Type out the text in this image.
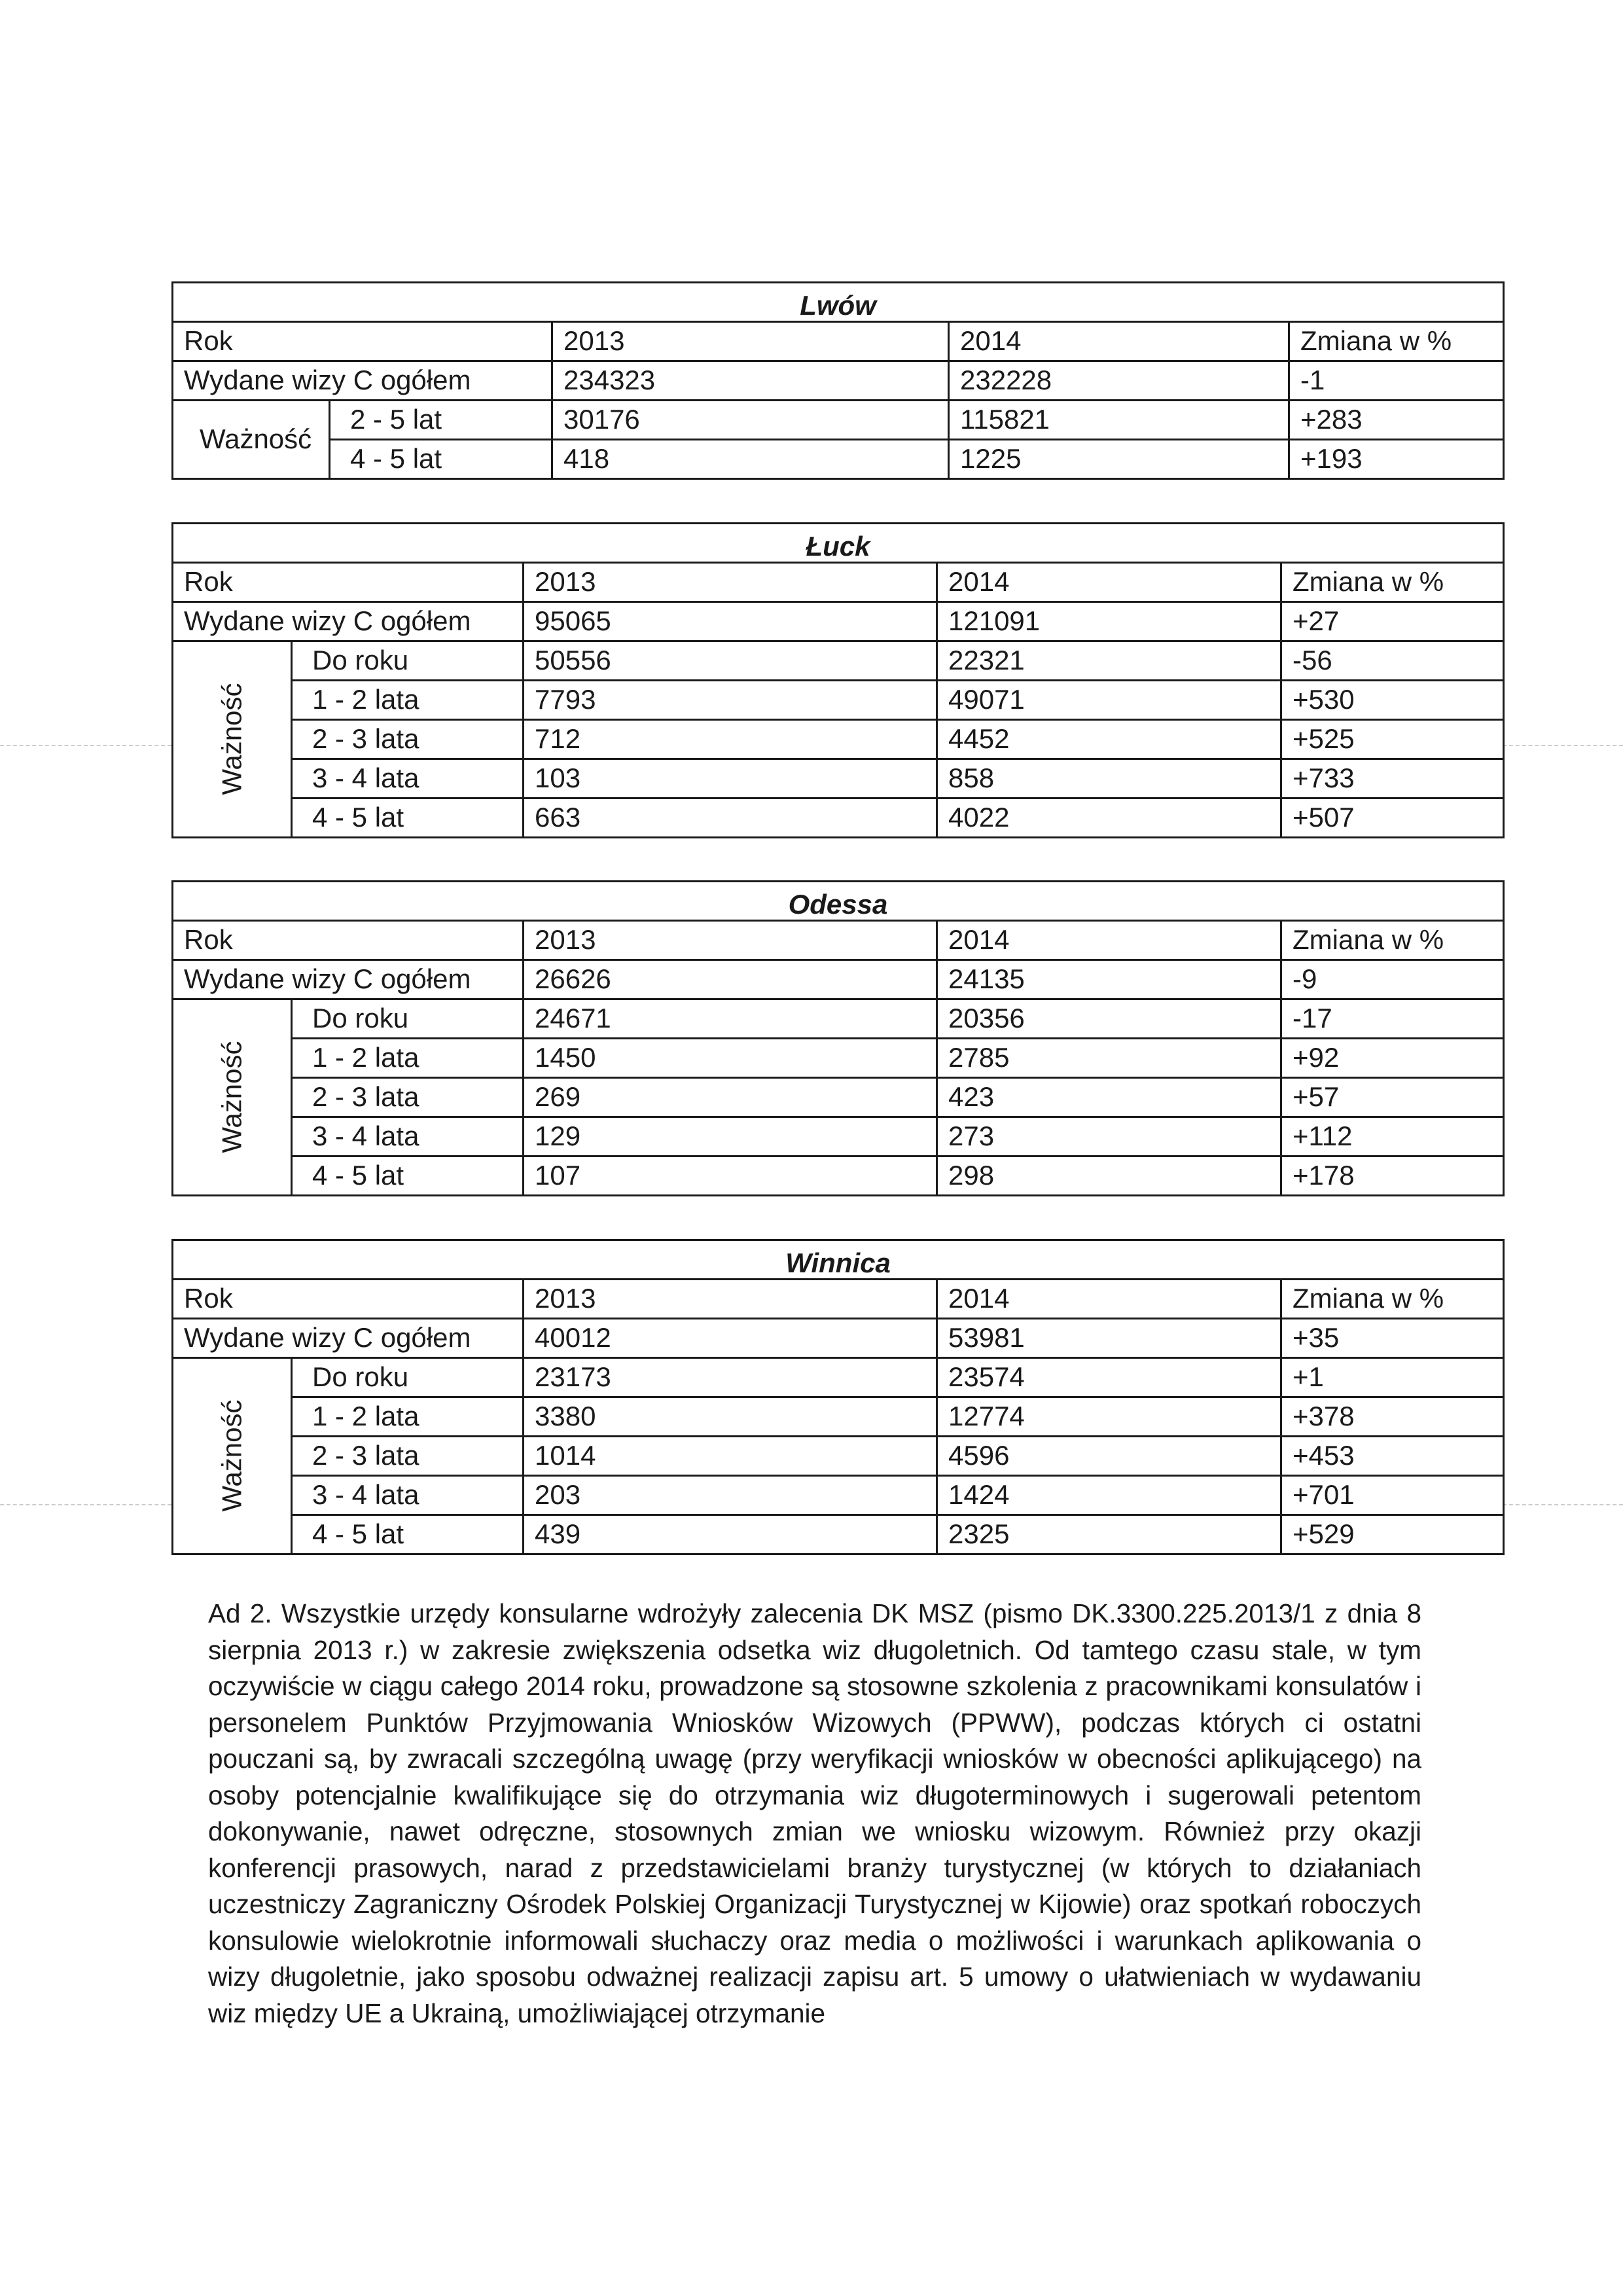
Lwów				
Rok		2013	2014	Zmiana w %
Wydane wizy C ogółem		234323	232228	-1
Ważność	2 - 5 lat	30176	115821	+283
	4 - 5 lat	418	1225	+193
Łuck				
Rok		2013	2014	Zmiana w %
Wydane wizy C ogółem		95065	121091	+27
Ważność	Do roku	50556	22321	-56
	1 - 2 lata	7793	49071	+530
	2 - 3 lata	712	4452	+525
	3 - 4 lata	103	858	+733
	4 - 5 lat	663	4022	+507
Odessa				
Rok		2013	2014	Zmiana w %
Wydane wizy C ogółem		26626	24135	-9
Ważność	Do roku	24671	20356	-17
	1 - 2 lata	1450	2785	+92
	2 - 3 lata	269	423	+57
	3 - 4 lata	129	273	+112
	4 - 5 lat	107	298	+178
Winnica				
Rok		2013	2014	Zmiana w %
Wydane wizy C ogółem		40012	53981	+35
Ważność	Do roku	23173	23574	+1
	1 - 2 lata	3380	12774	+378
	2 - 3 lata	1014	4596	+453
	3 - 4 lata	203	1424	+701
	4 - 5 lat	439	2325	+529

Ad 2. Wszystkie urzędy konsularne wdrożyły zalecenia DK MSZ (pismo DK.3300.225.2013/1 z dnia 8 sierpnia 2013 r.) w zakresie zwiększenia odsetka wiz długoletnich. Od tamtego czasu stale, w tym oczywiście w ciągu całego 2014 roku, prowadzone są stosowne szkolenia z pracownikami konsulatów i personelem Punktów Przyjmowania Wniosków Wizowych (PPWW), podczas których ci ostatni pouczani są, by zwracali szczególną uwagę (przy weryfikacji wniosków w obecności aplikującego) na osoby potencjalnie kwalifikujące się do otrzymania wiz długoterminowych i sugerowali petentom dokonywanie, nawet odręczne, stosownych zmian we wniosku wizowym. Również przy okazji konferencji prasowych, narad z przedstawicielami branży turystycznej (w których to działaniach uczestniczy Zagraniczny Ośrodek Polskiej Organizacji Turystycznej w Kijowie) oraz spotkań roboczych konsulowie wielokrotnie informowali słuchaczy oraz media o możliwości i warunkach aplikowania o wizy długoletnie, jako sposobu odważnej realizacji zapisu art. 5 umowy o ułatwieniach w wydawaniu wiz między UE a Ukrainą, umożliwiającej otrzymanie
